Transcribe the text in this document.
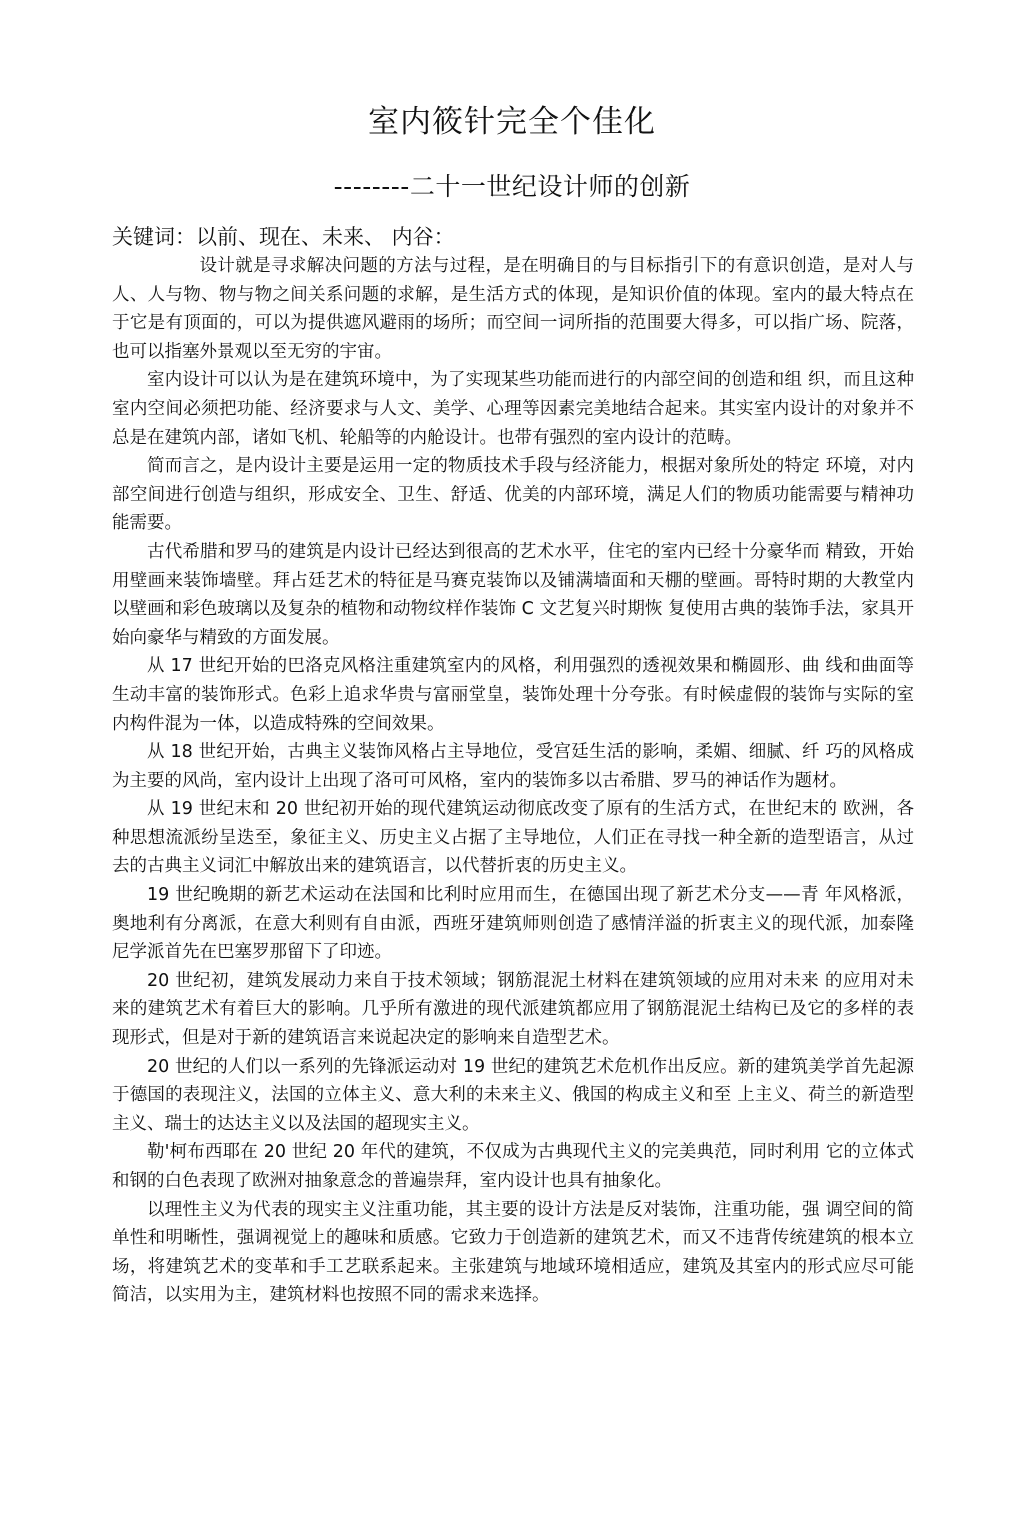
室内筱针完全个佳化
--------二十一世纪设计师的创新
关键词：以前、现在、未来、 内谷：

设计就是寻求解决问题的方法与过程，是在明确目的与目标指引下的有意识创造，是对人与人、人与物、物与物之间关系问题的求解，是生活方式的体现，是知识价值的体现。室内的最大特点在于它是有顶面的，可以为提供遮风避雨的场所；而空间一词所指的范围要大得多，可以指广场、院落，也可以指塞外景观以至无穷的宇宙。

室内设计可以认为是在建筑环境中，为了实现某些功能而进行的内部空间的创造和组 织，而且这种室内空间必须把功能、经济要求与人文、美学、心理等因素完美地结合起来。其实室内设计的对象并不总是在建筑内部，诸如飞机、轮船等的内舱设计。也带有强烈的室内设计的范畴。

简而言之，是内设计主要是运用一定的物质技术手段与经济能力，根据对象所处的特定 环境，对内部空间进行创造与组织，形成安全、卫生、舒适、优美的内部环境，满足人们的物质功能需要与精神功能需要。

古代希腊和罗马的建筑是内设计已经达到很高的艺术水平，住宅的室内已经十分豪华而 精致，开始用壁画来装饰墙壁。拜占廷艺术的特征是马赛克装饰以及铺满墙面和天棚的壁画。哥特时期的大教堂内以壁画和彩色玻璃以及复杂的植物和动物纹样作装饰 C 文艺复兴时期恢 复使用古典的装饰手法，家具开始向豪华与精致的方面发展。

从 17 世纪开始的巴洛克风格注重建筑室内的风格，利用强烈的透视效果和椭圆形、曲 线和曲面等生动丰富的装饰形式。色彩上追求华贵与富丽堂皇，装饰处理十分夸张。有时候虚假的装饰与实际的室内构件混为一体，以造成特殊的空间效果。

从 18 世纪开始，古典主义装饰风格占主导地位，受宫廷生活的影响，柔媚、细腻、纤 巧的风格成为主要的风尚，室内设计上出现了洛可可风格，室内的装饰多以古希腊、罗马的神话作为题材。

从 19 世纪末和 20 世纪初开始的现代建筑运动彻底改变了原有的生活方式，在世纪末的 欧洲，各种思想流派纷呈迭至，象征主义、历史主义占据了主导地位，人们正在寻找一种全新的造型语言，从过去的古典主义词汇中解放出来的建筑语言，以代替折衷的历史主义。

19 世纪晚期的新艺术运动在法国和比利时应用而生，在德国出现了新艺术分支——青 年风格派，奥地利有分离派，在意大利则有自由派，西班牙建筑师则创造了感情洋溢的折衷主义的现代派，加泰隆尼学派首先在巴塞罗那留下了印迹。

20 世纪初，建筑发展动力来自于技术领域；钢筋混泥土材料在建筑领域的应用对未来 的应用对未来的建筑艺术有着巨大的影响。几乎所有激进的现代派建筑都应用了钢筋混泥土结构已及它的多样的表现形式，但是对于新的建筑语言来说起决定的影响来自造型艺术。

20 世纪的人们以一系列的先锋派运动对 19 世纪的建筑艺术危机作出反应。新的建筑美学首先起源于德国的表现注义，法国的立体主义、意大利的未来主义、俄国的构成主义和至 上主义、荷兰的新造型主义、瑞士的达达主义以及法国的超现实主义。

勒'柯布西耶在 20 世纪 20 年代的建筑，不仅成为古典现代主义的完美典范，同时利用 它的立体式和钢的白色表现了欧洲对抽象意念的普遍崇拜，室内设计也具有抽象化。

以理性主义为代表的现实主义注重功能，其主要的设计方法是反对装饰，注重功能，强 调空间的简单性和明晰性，强调视觉上的趣味和质感。它致力于创造新的建筑艺术，而又不违背传统建筑的根本立场，将建筑艺术的变革和手工艺联系起来。主张建筑与地域环境相适应，建筑及其室内的形式应尽可能简洁，以实用为主，建筑材料也按照不同的需求来选择。
